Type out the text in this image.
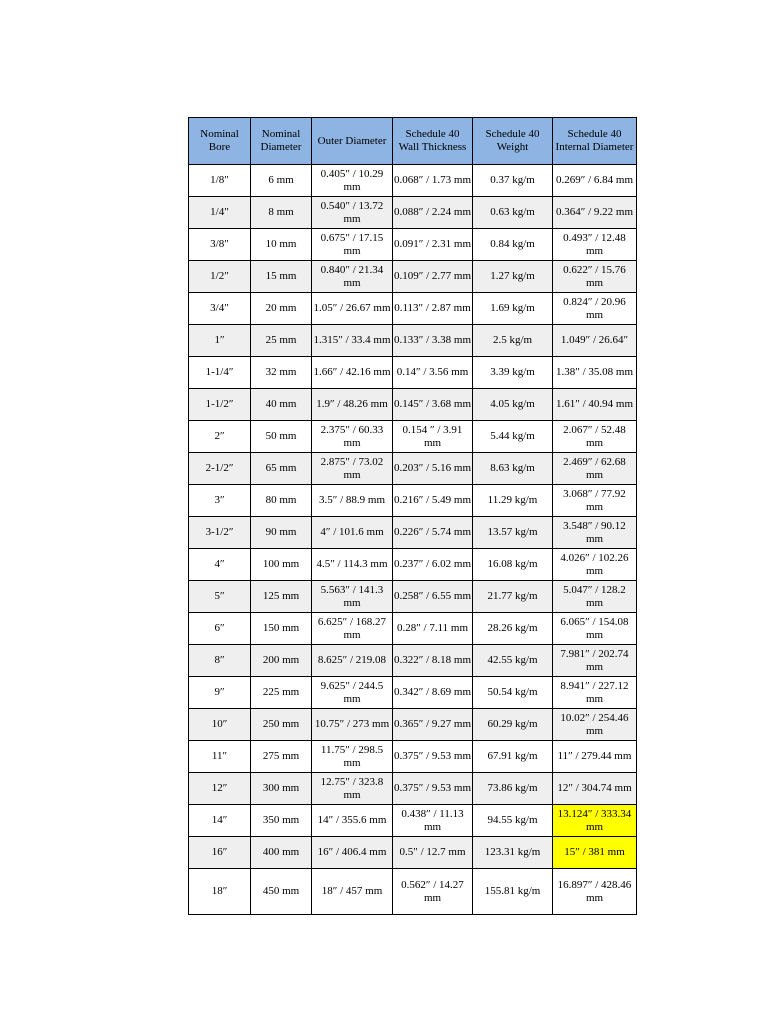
Nominal Bore	Nominal Diameter	Outer Diameter	Schedule 40 Wall Thickness	Schedule 40 Weight	Schedule 40 Internal Diameter
1/8″	6 mm	0.405″ / 10.29 mm	0.068″ / 1.73 mm	0.37 kg/m	0.269″ / 6.84 mm
1/4″	8 mm	0.540″ / 13.72 mm	0.088″ / 2.24 mm	0.63 kg/m	0.364″ / 9.22 mm
3/8″	10 mm	0.675″ / 17.15 mm	0.091″ / 2.31 mm	0.84 kg/m	0.493″ / 12.48 mm
1/2″	15 mm	0.840″ / 21.34 mm	0.109″ / 2.77 mm	1.27 kg/m	0.622″ / 15.76 mm
3/4″	20 mm	1.05″ / 26.67 mm	0.113″ / 2.87 mm	1.69 kg/m	0.824″ / 20.96 mm
1″	25 mm	1.315″ / 33.4 mm	0.133″ / 3.38 mm	2.5 kg/m	1.049″ / 26.64″
1-1/4″	32 mm	1.66″ / 42.16 mm	0.14″ / 3.56 mm	3.39 kg/m	1.38″ / 35.08 mm
1-1/2″	40 mm	1.9″ / 48.26 mm	0.145″ / 3.68 mm	4.05 kg/m	1.61″ / 40.94 mm
2″	50 mm	2.375″ / 60.33 mm	0.154 ″ / 3.91 mm	5.44 kg/m	2.067″ / 52.48 mm
2-1/2″	65 mm	2.875″ / 73.02 mm	0.203″ / 5.16 mm	8.63 kg/m	2.469″ / 62.68 mm
3″	80 mm	3.5″ / 88.9 mm	0.216″ / 5.49 mm	11.29 kg/m	3.068″ / 77.92 mm
3-1/2″	90 mm	4″ / 101.6 mm	0.226″ / 5.74 mm	13.57 kg/m	3.548″ / 90.12 mm
4″	100 mm	4.5″ / 114.3 mm	0.237″ / 6.02 mm	16.08 kg/m	4.026″ / 102.26 mm
5″	125 mm	5.563″ / 141.3 mm	0.258″ / 6.55 mm	21.77 kg/m	5.047″ / 128.2 mm
6″	150 mm	6.625″ / 168.27 mm	0.28″ / 7.11 mm	28.26 kg/m	6.065″ / 154.08 mm
8″	200 mm	8.625″ / 219.08	0.322″ / 8.18 mm	42.55 kg/m	7.981″ / 202.74 mm
9″	225 mm	9.625″ / 244.5 mm	0.342″ / 8.69 mm	50.54 kg/m	8.941″ / 227.12 mm
10″	250 mm	10.75″ / 273 mm	0.365″ / 9.27 mm	60.29 kg/m	10.02″ / 254.46 mm
11″	275 mm	11.75″ / 298.5 mm	0.375″ / 9.53 mm	67.91 kg/m	11″ / 279.44 mm
12″	300 mm	12.75″ / 323.8 mm	0.375″ / 9.53 mm	73.86 kg/m	12″ / 304.74 mm
14″	350 mm	14″ / 355.6 mm	0.438″ / 11.13 mm	94.55 kg/m	13.124″ / 333.34 mm
16″	400 mm	16″ / 406.4 mm	0.5″ / 12.7 mm	123.31 kg/m	15″ / 381 mm
18″	450 mm	18″ / 457 mm	0.562″ / 14.27 mm	155.81 kg/m	16.897″ / 428.46 mm
